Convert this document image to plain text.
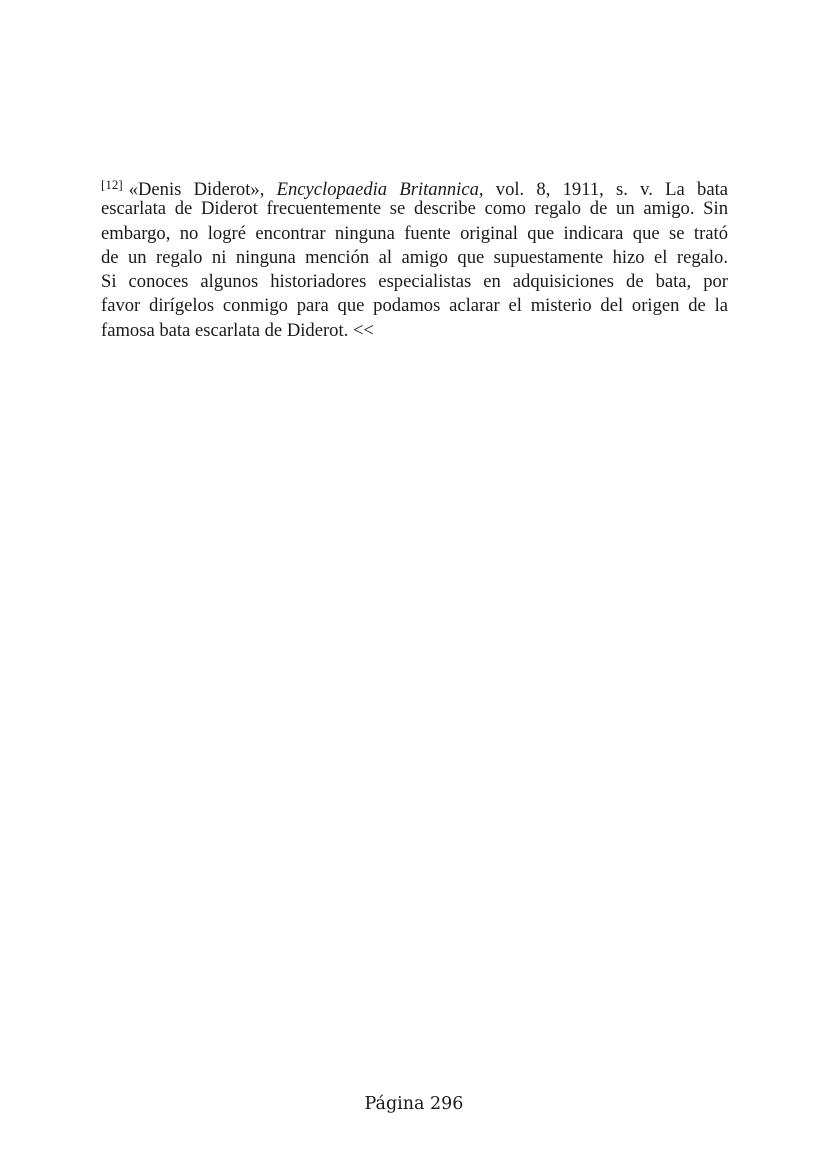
[12] «Denis Diderot», Encyclopaedia Britannica, vol. 8, 1911, s. v. La bata
escarlata de Diderot frecuentemente se describe como regalo de un amigo. Sin
embargo, no logré encontrar ninguna fuente original que indicara que se trató
de un regalo ni ninguna mención al amigo que supuestamente hizo el regalo.
Si conoces algunos historiadores especialistas en adquisiciones de bata, por
favor dirígelos conmigo para que podamos aclarar el misterio del origen de la
famosa bata escarlata de Diderot. <<
Página 296
